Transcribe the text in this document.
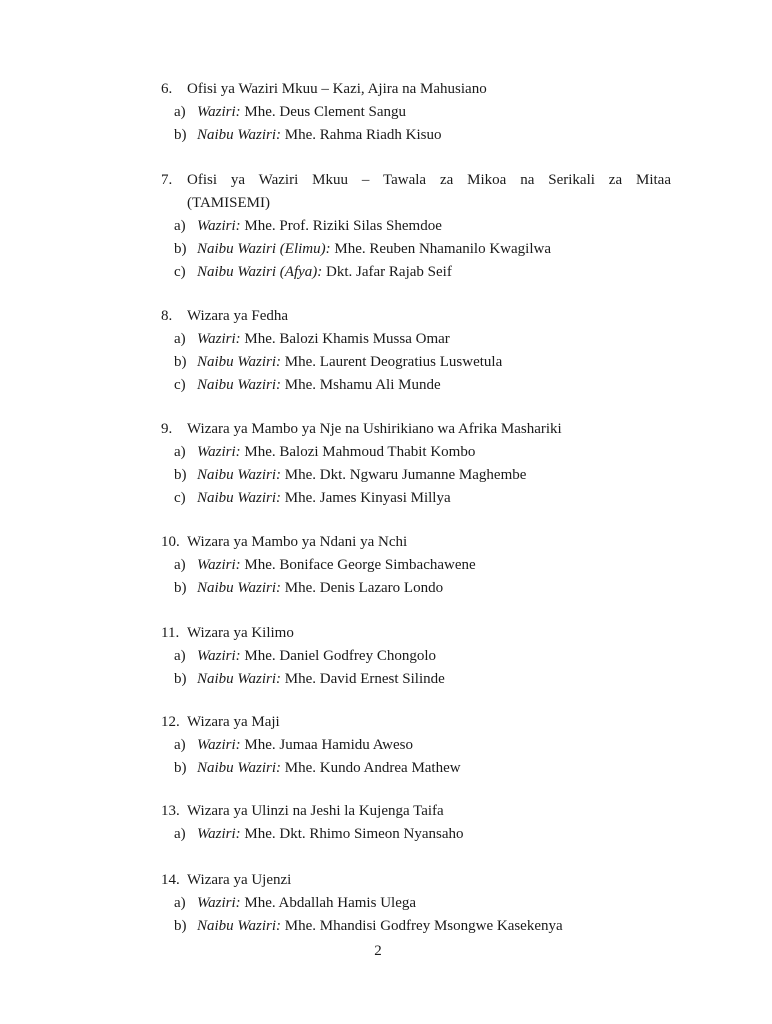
6. Ofisi ya Waziri Mkuu – Kazi, Ajira na Mahusiano
a) Waziri: Mhe. Deus Clement Sangu
b) Naibu Waziri: Mhe. Rahma Riadh Kisuo
7. Ofisi ya Waziri Mkuu – Tawala za Mikoa na Serikali za Mitaa
(TAMISEMI)
a) Waziri: Mhe. Prof. Riziki Silas Shemdoe
b) Naibu Waziri (Elimu): Mhe. Reuben Nhamanilo Kwagilwa
c) Naibu Waziri (Afya): Dkt. Jafar Rajab Seif
8. Wizara ya Fedha
a) Waziri: Mhe. Balozi Khamis Mussa Omar
b) Naibu Waziri: Mhe. Laurent Deogratius Luswetula
c) Naibu Waziri: Mhe. Mshamu Ali Munde
9. Wizara ya Mambo ya Nje na Ushirikiano wa Afrika Mashariki
a) Waziri: Mhe. Balozi Mahmoud Thabit Kombo
b) Naibu Waziri: Mhe. Dkt. Ngwaru Jumanne Maghembe
c) Naibu Waziri: Mhe. James Kinyasi Millya
10. Wizara ya Mambo ya Ndani ya Nchi
a) Waziri: Mhe. Boniface George Simbachawene
b) Naibu Waziri: Mhe. Denis Lazaro Londo
11. Wizara ya Kilimo
a) Waziri: Mhe. Daniel Godfrey Chongolo
b) Naibu Waziri: Mhe. David Ernest Silinde
12. Wizara ya Maji
a) Waziri: Mhe. Jumaa Hamidu Aweso
b) Naibu Waziri: Mhe. Kundo Andrea Mathew
13. Wizara ya Ulinzi na Jeshi la Kujenga Taifa
a) Waziri: Mhe. Dkt. Rhimo Simeon Nyansaho
14. Wizara ya Ujenzi
a) Waziri: Mhe. Abdallah Hamis Ulega
b) Naibu Waziri: Mhe. Mhandisi Godfrey Msongwe Kasekenya
2
